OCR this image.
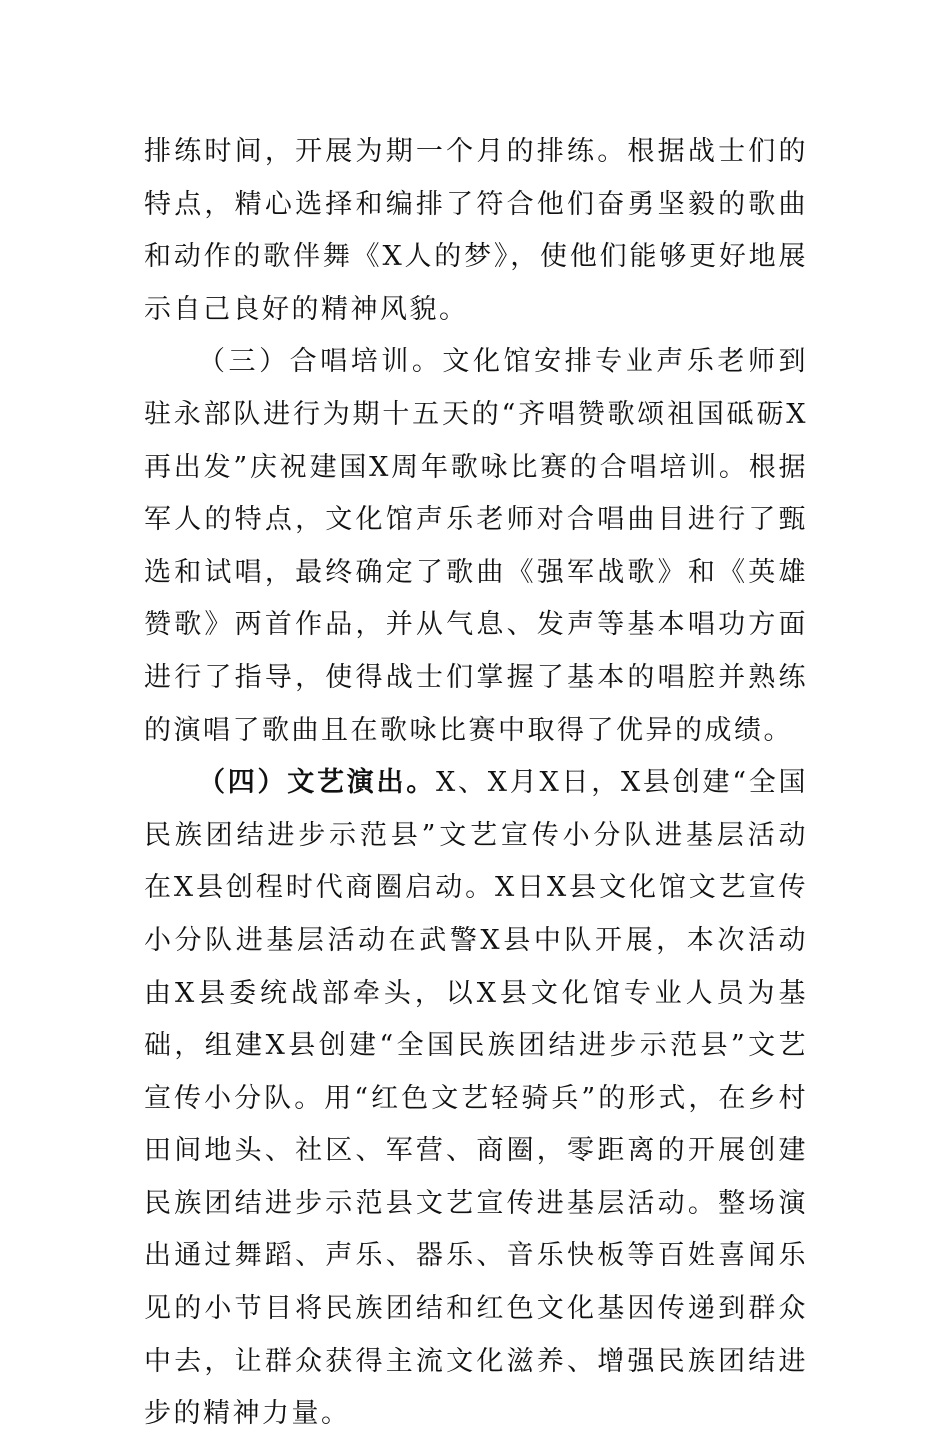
排练时间，开展为期一个月的排练。根据战士们的特点，精心选择和编排了符合他们奋勇坚毅的歌曲和动作的歌伴舞《X人的梦》，使他们能够更好地展示自己良好的精神风貌。

（三）合唱培训。文化馆安排专业声乐老师到驻永部队进行为期十五天的“齐唱赞歌颂祖国砥砺X再出发”庆祝建国X周年歌咏比赛的合唱培训。根据军人的特点，文化馆声乐老师对合唱曲目进行了甄选和试唱，最终确定了歌曲《强军战歌》和《英雄赞歌》两首作品，并从气息、发声等基本唱功方面进行了指导，使得战士们掌握了基本的唱腔并熟练的演唱了歌曲且在歌咏比赛中取得了优异的成绩。

（四）文艺演出。X、X月X日，X县创建“全国民族团结进步示范县”文艺宣传小分队进基层活动在X县创程时代商圈启动。X日X县文化馆文艺宣传小分队进基层活动在武警X县中队开展，本次活动由X县委统战部牵头，以X县文化馆专业人员为基础，组建X县创建“全国民族团结进步示范县”文艺宣传小分队。用“红色文艺轻骑兵”的形式，在乡村田间地头、社区、军营、商圈，零距离的开展创建民族团结进步示范县文艺宣传进基层活动。整场演出通过舞蹈、声乐、器乐、音乐快板等百姓喜闻乐见的小节目将民族团结和红色文化基因传递到群众中去，让群众获得主流文化滋养、增强民族团结进步的精神力量。
